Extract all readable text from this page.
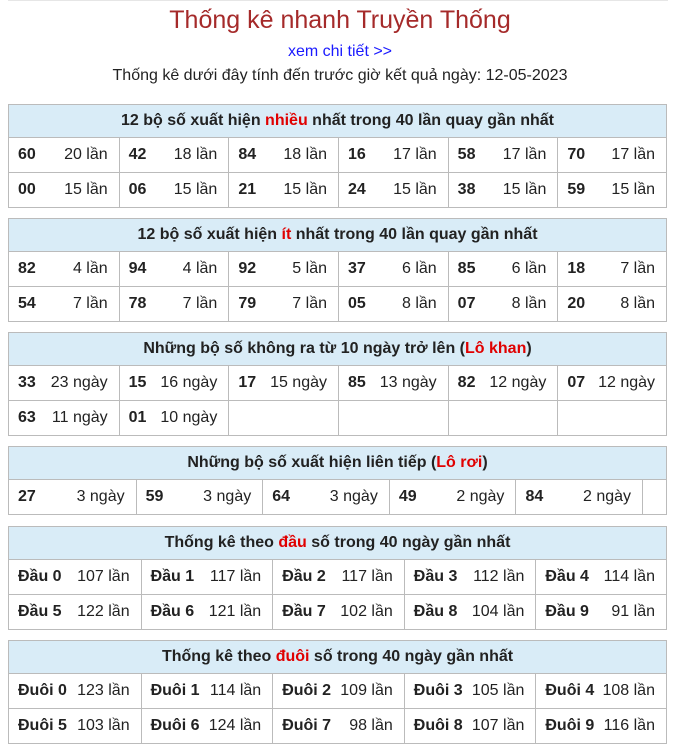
Thống kê nhanh Truyền Thống
xem chi tiết >>
Thống kê dưới đây tính đến trước giờ kết quả ngày: 12-05-2023
12 bộ số xuất hiện nhiều nhất trong 40 lần quay gần nhất
60 20 lần 42 18 lần 84 18 lần 16 17 lần 58 17 lần 70 17 lần
00 15 lần 06 15 lần 21 15 lần 24 15 lần 38 15 lần 59 15 lần
12 bộ số xuất hiện ít nhất trong 40 lần quay gần nhất
82 4 lần 94 4 lần 92 5 lần 37 6 lần 85 6 lần 18 7 lần
54 7 lần 78 7 lần 79 7 lần 05 8 lần 07 8 lần 20 8 lần
Những bộ số không ra từ 10 ngày trở lên (Lô khan)
33 23 ngày 15 16 ngày 17 15 ngày 85 13 ngày 82 12 ngày 07 12 ngày
63 11 ngày 01 10 ngày
Những bộ số xuất hiện liên tiếp (Lô rơi)
27	3 ngày 59 3 ngày 64 3 ngày 49 2 ngày 84 2 ngày
Thống kê theo đầu số trong 40 ngày gần nhất
Đầu 0 107 lần Đầu 1 117 lần Đầu 2 117 lần Đầu 3 112 lần Đầu 4 114 lần
Đầu 5 122 lần Đầu 6 121 lần Đầu 7 102 lần Đầu 8 104 lần Đầu 9 91 lần
Thống kê theo đuôi số trong 40 ngày gần nhất
Đuôi 0 123 lần Đuôi 1 114 lần Đuôi 2 109 lần Đuôi 3 105 lần Đuôi 4 108 lần
Đuôi 5 103 lần Đuôi 6 124 lần Đuôi 7 98 lần Đuôi 8 107 lần Đuôi 9 116 lần
